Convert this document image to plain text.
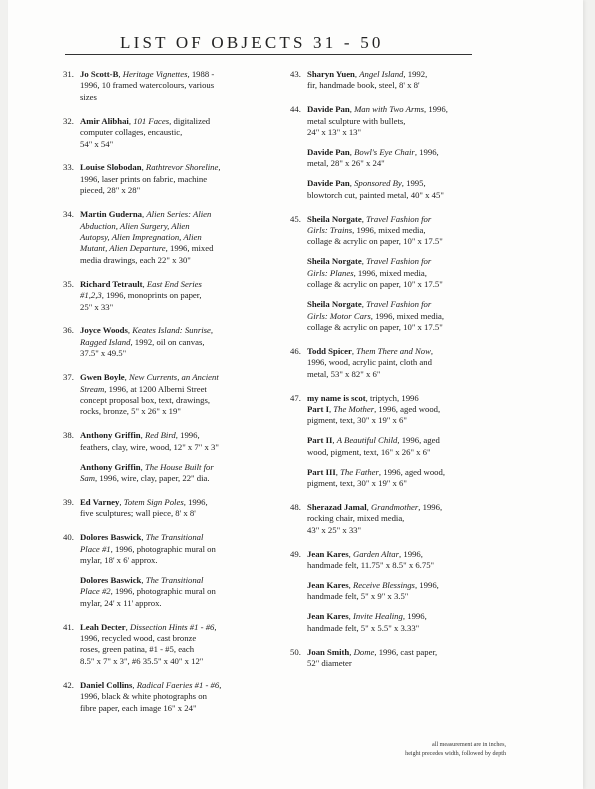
LIST OF OBJECTS 31 - 50
31. Jo Scott-B, Heritage Vignettes, 1988 -
1996, 10 framed watercolours, various
sizes
32. Amir Alibhai, 101 Faces, digitalized
computer collages, encaustic,
54" x 54"
33. Louise Slobodan, Rathtrevor Shoreline,
1996, laser prints on fabric, machine
pieced, 28" x 28"
34. Martin Guderna, Alien Series: Alien
Abduction, Alien Surgery, Alien
Autopsy, Alien Impregnation, Alien
Mutant, Alien Departure, 1996, mixed
media drawings, each 22" x 30"
35. Richard Tetrault, East End Series
#1,2,3, 1996, monoprints on paper,
25" x 33"
36. Joyce Woods, Keates Island: Sunrise,
Ragged Island, 1992, oil on canvas,
37.5" x 49.5"
37. Gwen Boyle, New Currents, an Ancient
Stream, 1996, at 1200 Alberni Street
concept proposal box, text, drawings,
rocks, bronze, 5" x 26" x 19"
38. Anthony Griffin, Red Bird, 1996,
feathers, clay, wire, wood, 12" x 7" x 3"
Anthony Griffin, The House Built for
Sam, 1996, wire, clay, paper, 22" dia.
39. Ed Varney, Totem Sign Poles, 1996,
five sculptures; wall piece, 8' x 8'
40. Dolores Baswick, The Transitional
Place #1, 1996, photographic mural on
mylar, 18' x 6' approx.
Dolores Baswick, The Transitional
Place #2, 1996, photographic mural on
mylar, 24' x 11' approx.
41. Leah Decter, Dissection Hints #1 - #6,
1996, recycled wood, cast bronze
roses, green patina, #1 - #5, each
8.5" x 7" x 3", #6 35.5" x 40" x 12"
42. Daniel Collins, Radical Faeries #1 - #6,
1996, black & white photographs on
fibre paper, each image 16" x 24"
43. Sharyn Yuen, Angel Island, 1992,
fir, handmade book, steel, 8' x 8'
44. Davide Pan, Man with Two Arms, 1996,
metal sculpture with bullets,
24" x 13" x 13"
Davide Pan, Bowl's Eye Chair, 1996,
metal, 28" x 26" x 24"
Davide Pan, Sponsored By, 1995,
blowtorch cut, painted metal, 40" x 45"
45. Sheila Norgate, Travel Fashion for
Girls: Trains, 1996, mixed media,
collage & acrylic on paper, 10" x 17.5"
Sheila Norgate, Travel Fashion for
Girls: Planes, 1996, mixed media,
collage & acrylic on paper, 10" x 17.5"
Sheila Norgate, Travel Fashion for
Girls: Motor Cars, 1996, mixed media,
collage & acrylic on paper, 10" x 17.5"
46. Todd Spicer, Them There and Now,
1996, wood, acrylic paint, cloth and
metal, 53" x 82" x 6"
47. my name is scot, triptych, 1996
Part I, The Mother, 1996, aged wood,
pigment, text, 30" x 19" x 6"
Part II, A Beautiful Child, 1996, aged
wood, pigment, text, 16" x 26" x 6"
Part III, The Father, 1996, aged wood,
pigment, text, 30" x 19" x 6"
48. Sherazad Jamal, Grandmother, 1996,
rocking chair, mixed media,
43" x 25" x 33"
49. Jean Kares, Garden Altar, 1996,
handmade felt, 11.75" x 8.5" x 6.75"
Jean Kares, Receive Blessings, 1996,
handmade felt, 5" x 9" x 3.5"
Jean Kares, Invite Healing, 1996,
handmade felt, 5" x 5.5" x 3.33"
50. Joan Smith, Dome, 1996, cast paper,
52" diameter
all measurement are in inches,
height precedes width, followed by depth
